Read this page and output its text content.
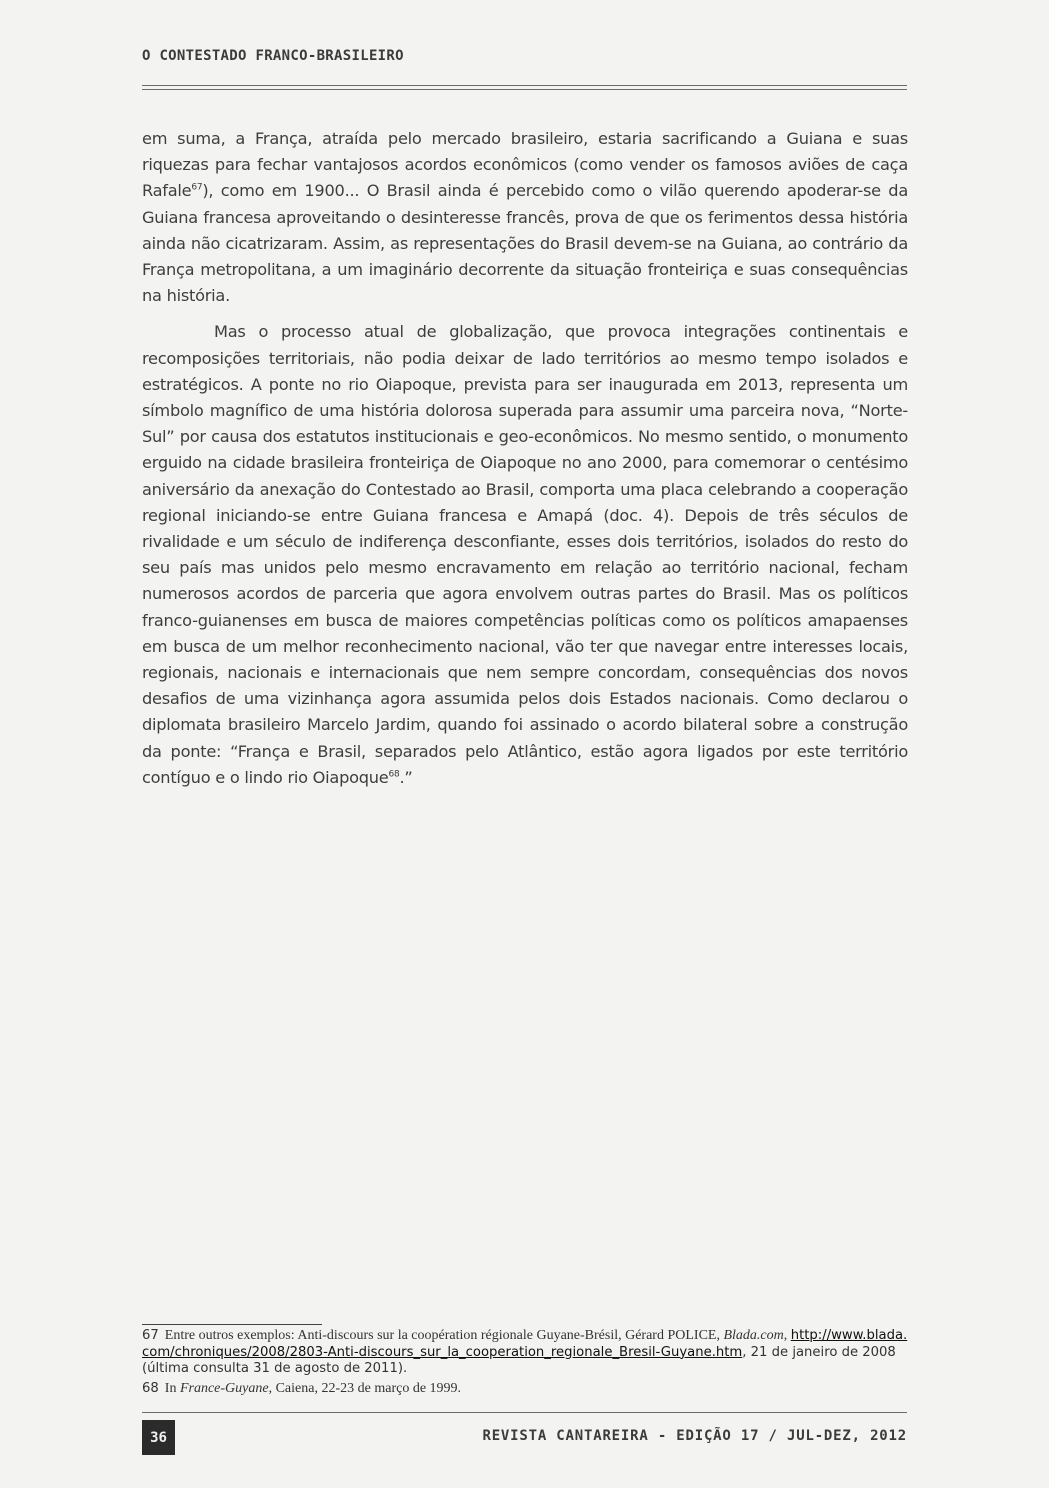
O CONTESTADO FRANCO-BRASILEIRO

em suma, a França, atraída pelo mercado brasileiro, estaria sacrificando a Guiana e suas riquezas para fechar vantajosos acordos econômicos (como vender os famosos aviões de caça Rafale$^{67}$), como em 1900... O Brasil ainda é percebido como o vilão querendo apoderar-se da Guiana francesa aproveitando o desinteresse francês, prova de que os ferimentos dessa história ainda não cicatrizaram. Assim, as representações do Brasil devem-se na Guiana, ao contrário da França metropolitana, a um imaginário decorrente da situação fronteiriça e suas consequências na história.

Mas o processo atual de globalização, que provoca integrações continentais e recomposições territoriais, não podia deixar de lado territórios ao mesmo tempo isolados e estratégicos. A ponte no rio Oiapoque, prevista para ser inaugurada em 2013, representa um símbolo magnífico de uma história dolorosa superada para assumir uma parceira nova, “Norte-Sul” por causa dos estatutos institucionais e geo-econômicos. No mesmo sentido, o monumento erguido na cidade brasileira fronteiriça de Oiapoque no ano 2000, para comemorar o centésimo aniversário da anexação do Contestado ao Brasil, comporta uma placa celebrando a cooperação regional iniciando-se entre Guiana francesa e Amapá (doc. 4). Depois de três séculos de rivalidade e um século de indiferença desconfiante, esses dois territórios, isolados do resto do seu país mas unidos pelo mesmo encravamento em relação ao território nacional, fecham numerosos acordos de parceria que agora envolvem outras partes do Brasil. Mas os políticos franco-guianenses em busca de maiores competências políticas como os políticos amapaenses em busca de um melhor reconhecimento nacional, vão ter que navegar entre interesses locais, regionais, nacionais e internacionais que nem sempre concordam, consequências dos novos desafios de uma vizinhança agora assumida pelos dois Estados nacionais. Como declarou o diplomata brasileiro Marcelo Jardim, quando foi assinado o acordo bilateral sobre a construção da ponte: “França e Brasil, separados pelo Atlântico, estão agora ligados por este território contíguo e o lindo rio Oiapoque$^{68}$.”

67 Entre outros exemplos: Anti-discours sur la coopération régionale Guyane-Brésil, Gérard POLICE, Blada.com, http://www.blada.com/chroniques/2008/2803-Anti-discours_sur_la_cooperation_regionale_Bresil-Guyane.htm, 21 de janeiro de 2008 (última consulta 31 de agosto de 2011).

68 In France-Guyane, Caiena, 22-23 de março de 1999.

36	REVISTA CANTAREIRA - EDIÇÃO 17 / JUL-DEZ, 2012
